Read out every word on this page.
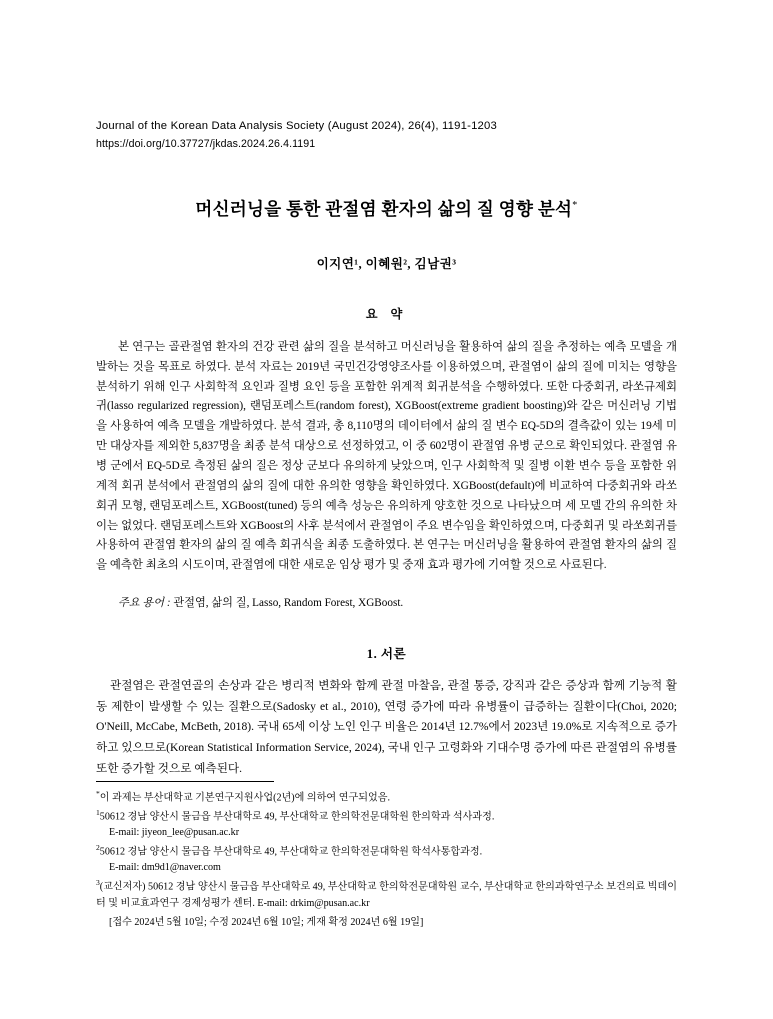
Journal of the Korean Data Analysis Society (August 2024), 26(4), 1191-1203
https://doi.org/10.37727/jkdas.2024.26.4.1191
머신러닝을 통한 관절염 환자의 삶의 질 영향 분석*
이지연¹, 이혜원², 김남권³
요 약
본 연구는 골관절염 환자의 건강 관련 삶의 질을 분석하고 머신러닝을 활용하여 삶의 질을 추정하는 예측 모델을 개발하는 것을 목표로 하였다. 분석 자료는 2019년 국민건강영양조사를 이용하였으며, 관절염이 삶의 질에 미치는 영향을 분석하기 위해 인구 사회학적 요인과 질병 요인 등을 포함한 위계적 회귀분석을 수행하였다. 또한 다중회귀, 라쏘규제회귀(lasso regularized regression), 랜덤포레스트(random forest), XGBoost(extreme gradient boosting)와 같은 머신러닝 기법을 사용하여 예측 모델을 개발하였다. 분석 결과, 총 8,110명의 데이터에서 삶의 질 변수 EQ-5D의 결측값이 있는 19세 미만 대상자를 제외한 5,837명을 최종 분석 대상으로 선정하였고, 이 중 602명이 관절염 유병 군으로 확인되었다. 관절염 유병 군에서 EQ-5D로 측정된 삶의 질은 정상 군보다 유의하게 낮았으며, 인구 사회학적 및 질병 이환 변수 등을 포함한 위계적 회귀 분석에서 관절염의 삶의 질에 대한 유의한 영향을 확인하였다. XGBoost(default)에 비교하여 다중회귀와 라쏘회귀 모형, 랜덤포레스트, XGBoost(tuned) 등의 예측 성능은 유의하게 양호한 것으로 나타났으며 세 모델 간의 유의한 차이는 없었다. 랜덤포레스트와 XGBoost의 사후 분석에서 관절염이 주요 변수임을 확인하였으며, 다중회귀 및 라쏘회귀를 사용하여 관절염 환자의 삶의 질 예측 회귀식을 최종 도출하였다. 본 연구는 머신러닝을 활용하여 관절염 환자의 삶의 질을 예측한 최초의 시도이며, 관절염에 대한 새로운 임상 평가 및 중재 효과 평가에 기여할 것으로 사료된다.
주요 용어 : 관절염, 삶의 질, Lasso, Random Forest, XGBoost.
1. 서론
관절염은 관절연골의 손상과 같은 병리적 변화와 함께 관절 마찰음, 관절 통증, 강직과 같은 증상과 함께 기능적 활동 제한이 발생할 수 있는 질환으로(Sadosky et al., 2010), 연령 증가에 따라 유병률이 급증하는 질환이다(Choi, 2020; O'Neill, McCabe, McBeth, 2018). 국내 65세 이상 노인 인구 비율은 2014년 12.7%에서 2023년 19.0%로 지속적으로 증가하고 있으므로(Korean Statistical Information Service, 2024), 국내 인구 고령화와 기대수명 증가에 따른 관절염의 유병률 또한 증가할 것으로 예측된다.

*이 과제는 부산대학교 기본연구지원사업(2년)에 의하여 연구되었음.

$^1$50612 경남 양산시 물금읍 부산대학로 49, 부산대학교 한의학전문대학원 한의학과 석사과정.

E-mail: jiyeon_lee@pusan.ac.kr

$^2$50612 경남 양산시 물금읍 부산대학로 49, 부산대학교 한의학전문대학원 학석사통합과정.

E-mail: dm9d1@naver.com

$^3$(교신저자) 50612 경남 양산시 물금읍 부산대학로 49, 부산대학교 한의학전문대학원 교수, 부산대학교 한의과학연구소 보건의료 빅데이터 및 비교효과연구 경제성평가 센터. E-mail: drkim@pusan.ac.kr

[접수 2024년 5월 10일; 수정 2024년 6월 10일; 게재 확정 2024년 6월 19일]
